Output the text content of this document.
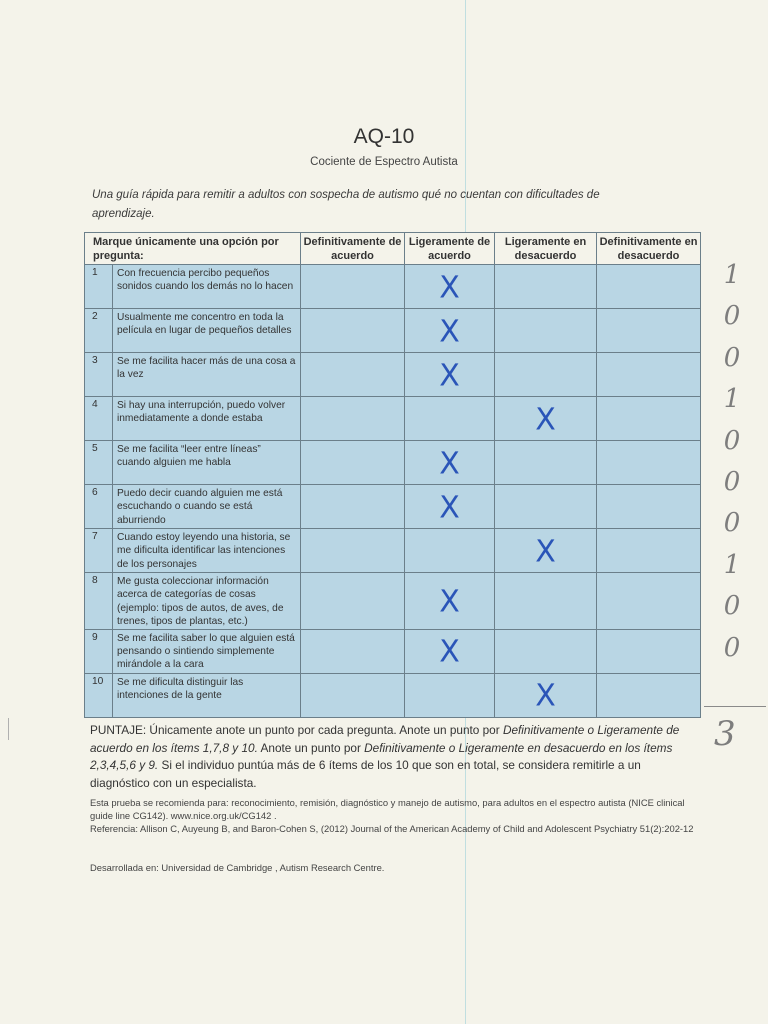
AQ-10
Cociente de Espectro Autista
Una guía rápida para remitir a adultos con sospecha de autismo qué no cuentan con dificultades de aprendizaje.
Marque únicamente una opción por pregunta:		Definitivamente de acuerdo	Ligeramente de acuerdo	Ligeramente en desacuerdo	Definitivamente en desacuerdo
1	Con frecuencia percibo pequeños sonidos cuando los demás no lo hacen		X		

2	Usualmente me concentro en toda la película en lugar de pequeños detalles		X		

3	Se me facilita hacer más de una cosa a la vez		X		

4	Si hay una interrupción, puedo volver inmediatamente a donde estaba			X	

5	Se me facilita “leer entre líneas” cuando alguien me habla		X		

6	Puedo decir cuando alguien me está escuchando o cuando se está aburriendo		X		

7	Cuando estoy leyendo una historia, se me dificulta identificar las intenciones de los personajes			X	

8	Me gusta coleccionar información acerca de categorías de cosas (ejemplo: tipos de autos, de aves, de trenes, tipos de plantas, etc.)		X		

9	Se me facilita saber lo que alguien está pensando o sintiendo simplemente mirándole a la cara		X		

10	Se me dificulta distinguir las intenciones de la gente			X	

1
0
0
1
0
0
0
1
0
0
3
PUNTAJE: Únicamente anote un punto por cada pregunta. Anote un punto por Definitivamente o Ligeramente de acuerdo en los ítems 1,7,8 y 10. Anote un punto por Definitivamente o Ligeramente en desacuerdo en los ítems 2,3,4,5,6 y 9. Si el individuo puntúa más de 6 ítems de los 10 que son en total, se considera remitirle a un diagnóstico con un especialista.
Esta prueba se recomienda para: reconocimiento, remisión, diagnóstico y manejo de autismo, para adultos en el espectro autista (NICE clinical guide line CG142). www.nice.org.uk/CG142 .
Referencia: Allison C, Auyeung B, and Baron-Cohen S, (2012) Journal of the American Academy of Child and Adolescent Psychiatry 51(2):202-12
Desarrollada en: Universidad de Cambridge , Autism Research Centre.
